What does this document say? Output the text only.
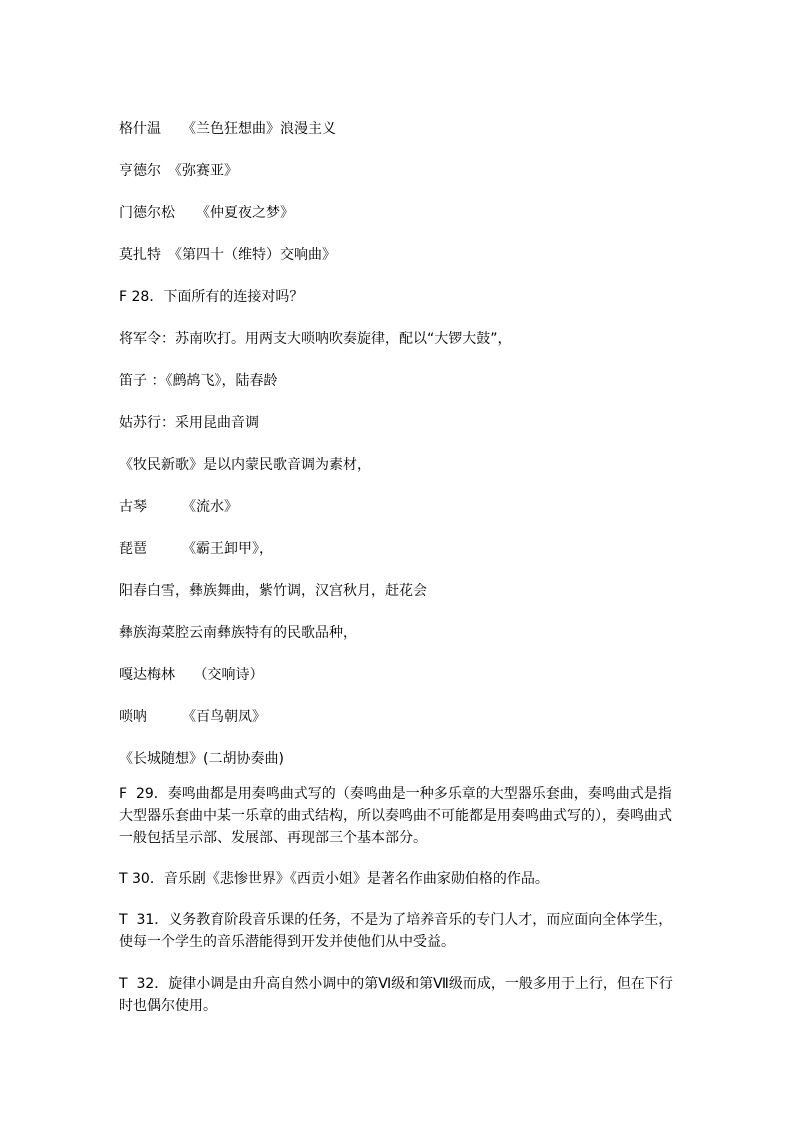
格什温　　《兰色狂想曲》浪漫主义
亨德尔　《弥赛亚》
门德尔松　　《仲夏夜之梦》
莫扎特　《第四十（维特）交响曲》
F 28．下面所有的连接对吗？
将军令：苏南吹打。用两支大唢呐吹奏旋律，配以“大锣大鼓”，
笛子 ：《鹧鸪飞》，陆春龄
姑苏行：采用昆曲音调
《牧民新歌》是以内蒙民歌音调为素材，
古琴　　　《流水》
琵琶　　　《霸王卸甲》，
阳春白雪，彝族舞曲，紫竹调，汉宫秋月，赶花会
彝族海菜腔云南彝族特有的民歌品种，
嘎达梅林　 （交响诗）
唢呐　　　《百鸟朝凤》
《长城随想》(二胡协奏曲)
F  29．奏鸣曲都是用奏鸣曲式写的（奏鸣曲是一种多乐章的大型器乐套曲，奏鸣曲式是指
大型器乐套曲中某一乐章的曲式结构，所以奏鸣曲不可能都是用奏鸣曲式写的），奏鸣曲式
一般包括呈示部、发展部、再现部三个基本部分。
T 30．音乐剧《悲惨世界》《西贡小姐》是著名作曲家勋伯格的作品。
T  31．义务教育阶段音乐课的任务，不是为了培养音乐的专门人才，而应面向全体学生，
使每一个学生的音乐潜能得到开发并使他们从中受益。
T  32．旋律小调是由升高自然小调中的第Ⅵ级和第Ⅶ级而成，一般多用于上行，但在下行
时也偶尔使用。
